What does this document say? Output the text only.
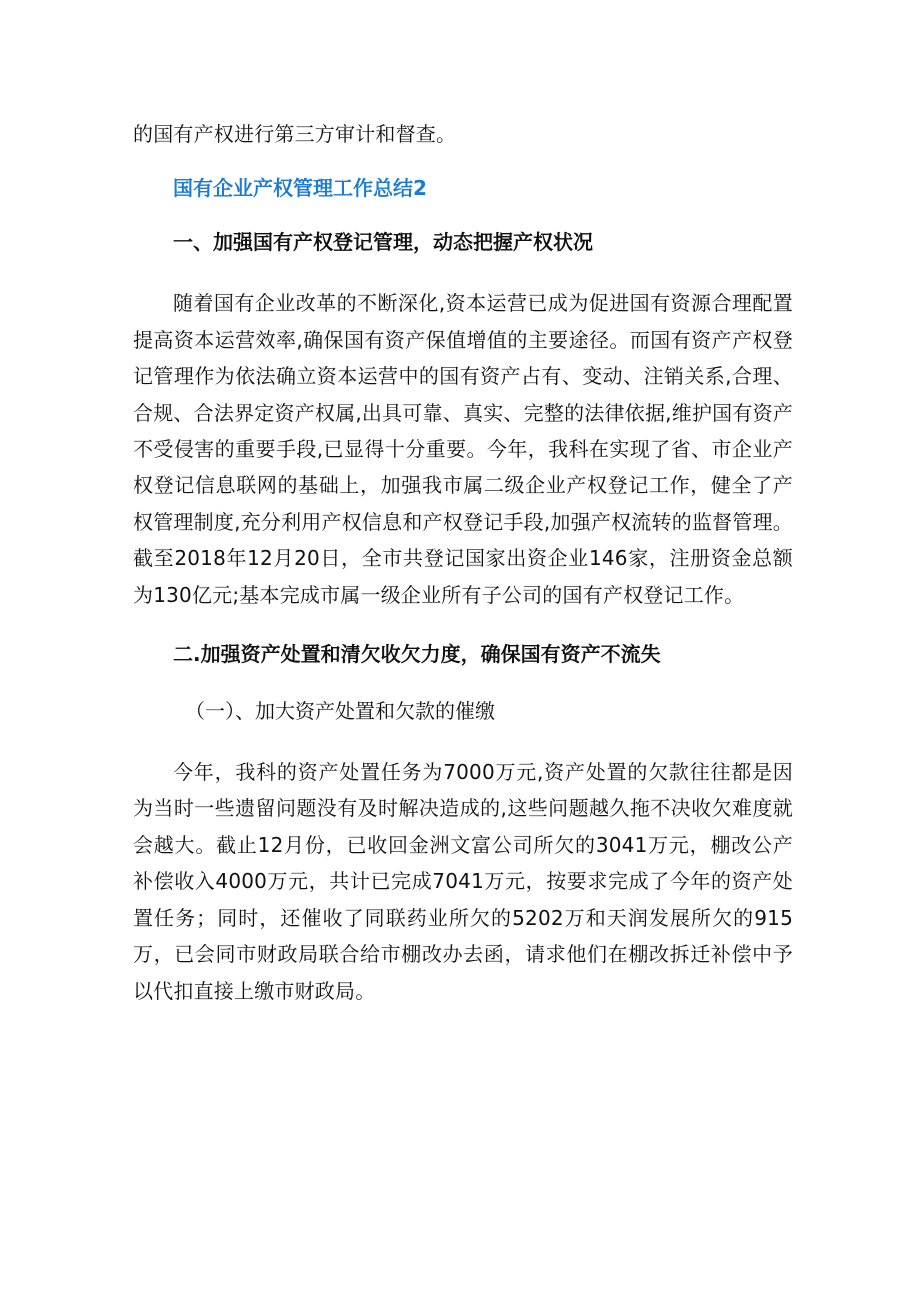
的国有产权进行第三方审计和督查。

国有企业产权管理工作总结2

一、加强国有产权登记管理，动态把握产权状况

随着国有企业改革的不断深化,资本运营已成为促进国有资源合理配置提高资本运营效率,确保国有资产保值增值的主要途径。而国有资产产权登记管理作为依法确立资本运营中的国有资产占有、变动、注销关系,合理、合规、合法界定资产权属,出具可靠、真实、完整的法律依据,维护国有资产不受侵害的重要手段,已显得十分重要。今年，我科在实现了省、市企业产权登记信息联网的基础上，加强我市属二级企业产权登记工作，健全了产权管理制度,充分利用产权信息和产权登记手段,加强产权流转的监督管理。截至2018年12月20日，全市共登记国家出资企业146家，注册资金总额为130亿元;基本完成市属一级企业所有子公司的国有产权登记工作。

二.加强资产处置和清欠收欠力度，确保国有资产不流失

（一）、加大资产处置和欠款的催缴

今年，我科的资产处置任务为7000万元,资产处置的欠款往往都是因为当时一些遗留问题没有及时解决造成的,这些问题越久拖不决收欠难度就会越大。截止12月份，已收回金洲文富公司所欠的3041万元，棚改公产补偿收入4000万元，共计已完成7041万元，按要求完成了今年的资产处置任务；同时，还催收了同联药业所欠的5202万和天润发展所欠的915万，已会同市财政局联合给市棚改办去函，请求他们在棚改拆迁补偿中予以代扣直接上缴市财政局。
